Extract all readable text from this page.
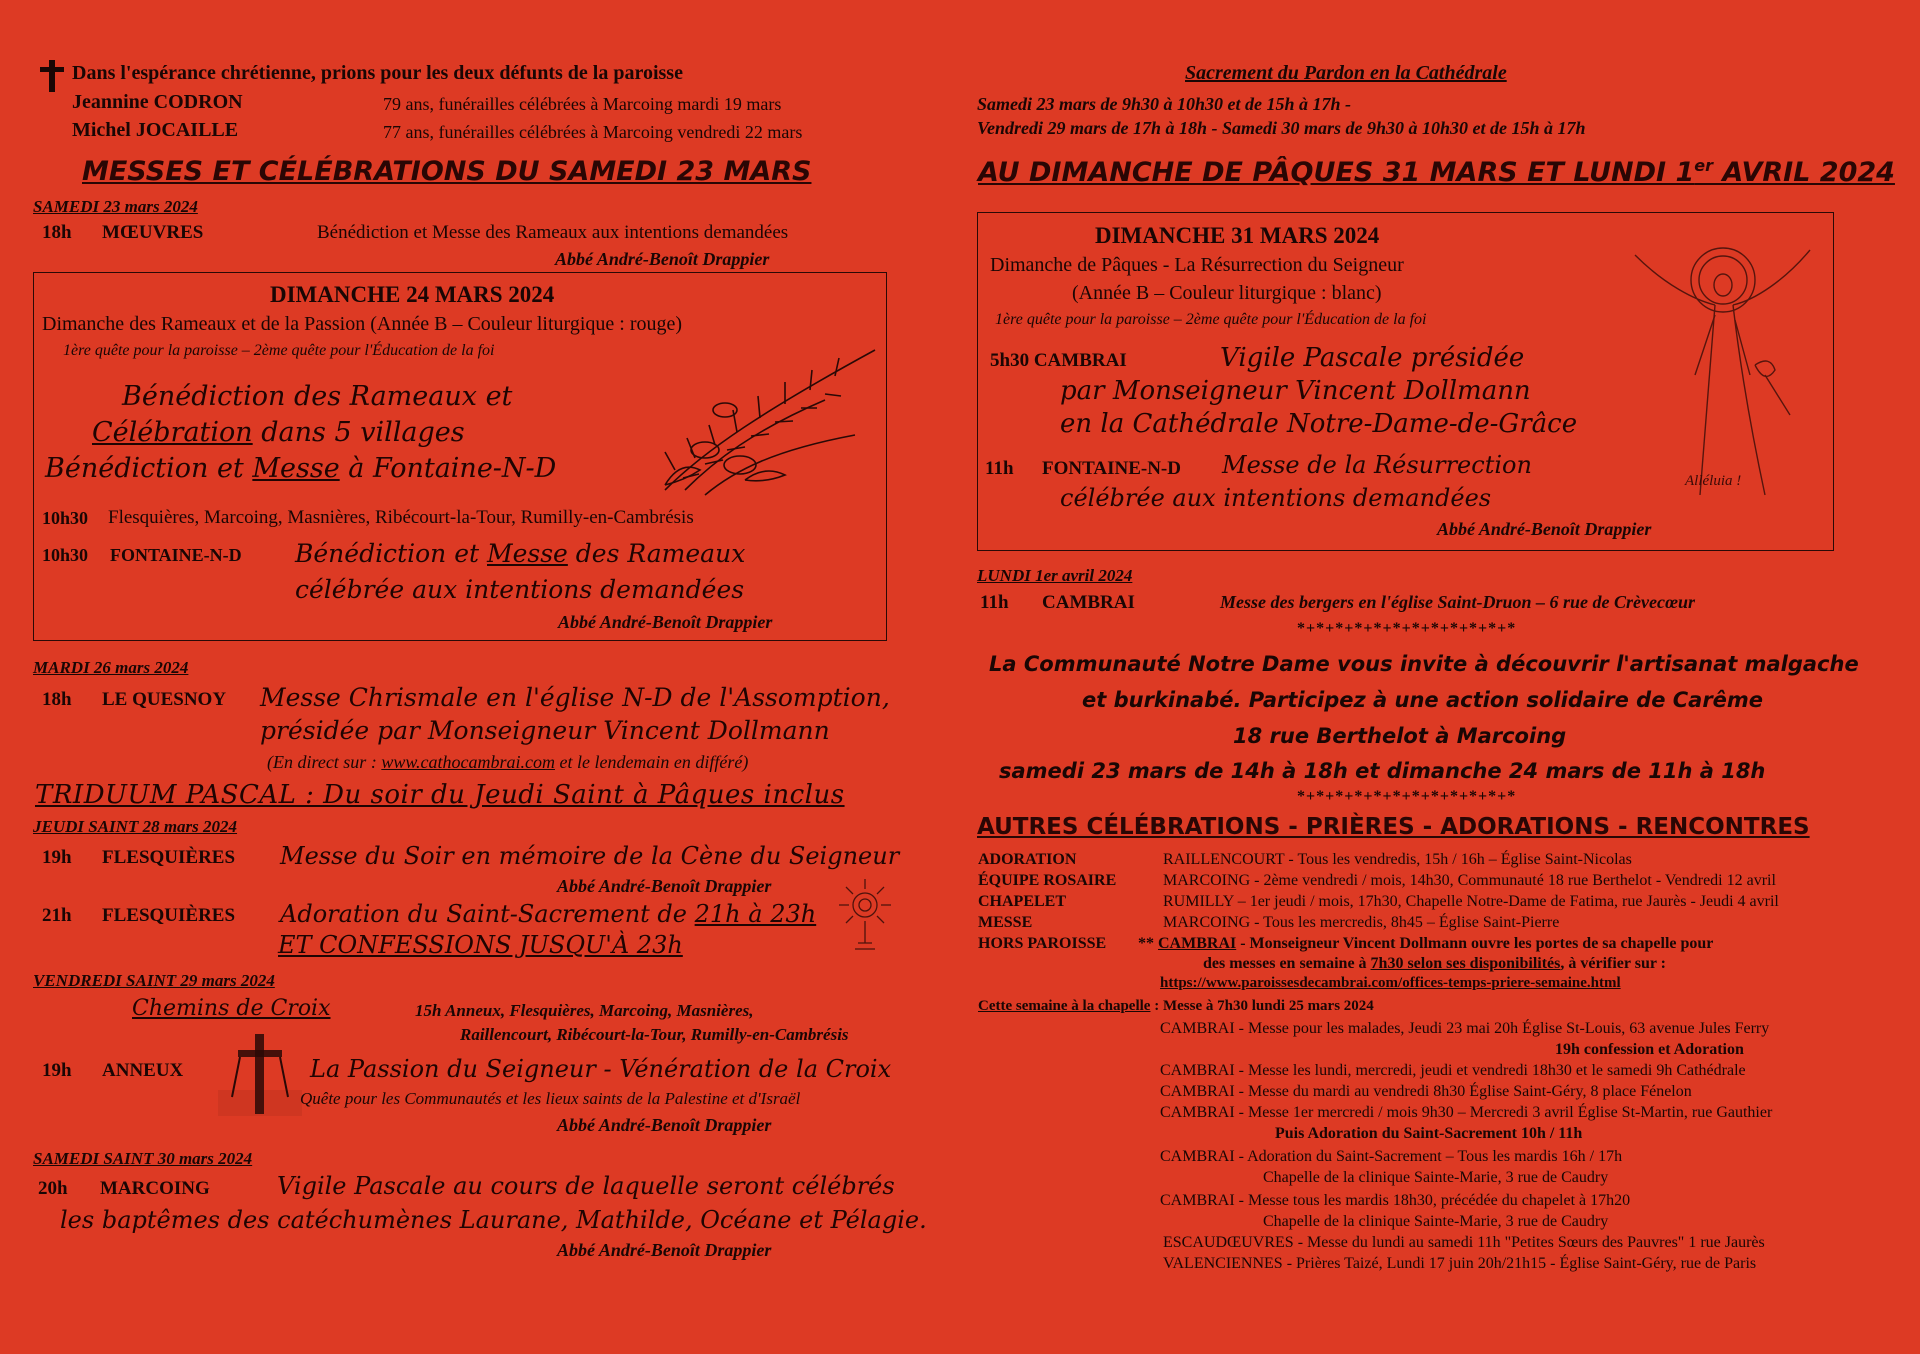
Dans l'espérance chrétienne, prions pour les deux défunts de la paroisse
Jeannine CODRON	79 ans, funérailles célébrées à Marcoing mardi 19 mars
Michel JOCAILLE	77 ans, funérailles célébrées à Marcoing vendredi 22 mars
MESSES ET CÉLÉBRATIONS DU SAMEDI 23 MARS
SAMEDI 23 mars 2024
18h MŒUVRES	Bénédiction et Messe des Rameaux aux intentions demandées
Abbé André-Benoît Drappier
DIMANCHE 24 MARS 2024
Dimanche des Rameaux et de la Passion (Année B – Couleur liturgique : rouge)
1ère quête pour la paroisse – 2ème quête pour l'Éducation de la foi
Bénédiction des Rameaux et
Célébration dans 5 villages
Bénédiction et Messe à Fontaine-N-D
10h30 Flesquières, Marcoing, Masnières, Ribécourt-la-Tour, Rumilly-en-Cambrésis
10h30 FONTAINE-N-D Bénédiction et Messe des Rameaux
célébrée aux intentions demandées
Abbé André-Benoît Drappier
MARDI 26 mars 2024
18h LE QUESNOY Messe Chrismale en l'église N-D de l'Assomption,
présidée par Monseigneur Vincent Dollmann
(En direct sur : www.cathocambrai.com et le lendemain en différé)
TRIDUUM PASCAL : Du soir du Jeudi Saint à Pâques inclus
JEUDI SAINT 28 mars 2024
19h FLESQUIÈRES Messe du Soir en mémoire de la Cène du Seigneur
Abbé André-Benoît Drappier
21h FLESQUIÈRES Adoration du Saint-Sacrement de 21h à 23h
ET CONFESSIONS JUSQU'À 23h
VENDREDI SAINT 29 mars 2024
Chemins de Croix	15h Anneux, Flesquières, Marcoing, Masnières,
Raillencourt, Ribécourt-la-Tour, Rumilly-en-Cambrésis
19h ANNEUX	La Passion du Seigneur - Vénération de la Croix
Quête pour les Communautés et les lieux saints de la Palestine et d'Israël
Abbé André-Benoît Drappier
SAMEDI SAINT 30 mars 2024
20h MARCOING	Vigile Pascale au cours de laquelle seront célébrés
les baptêmes des catéchumènes Laurane, Mathilde, Océane et Pélagie.
Abbé André-Benoît Drappier
Sacrement du Pardon en la Cathédrale
Samedi 23 mars de 9h30 à 10h30 et de 15h à 17h -
Vendredi 29 mars de 17h à 18h - Samedi 30 mars de 9h30 à 10h30 et de 15h à 17h
AU DIMANCHE DE PÂQUES 31 MARS ET LUNDI 1er AVRIL 2024
DIMANCHE 31 MARS 2024
Dimanche de Pâques - La Résurrection du Seigneur
(Année B – Couleur liturgique : blanc)
1ère quête pour la paroisse – 2ème quête pour l'Éducation de la foi
5h30 CAMBRAI	Vigile Pascale présidée
par Monseigneur Vincent Dollmann
en la Cathédrale Notre-Dame-de-Grâce
11h FONTAINE-N-D Messe de la Résurrection
célébrée aux intentions demandées
Abbé André-Benoît Drappier
Alléluia !
LUNDI 1er avril 2024
11h CAMBRAI	Messe des bergers en l'église Saint-Druon – 6 rue de Crèvecœur
*+*+*+*+*+*+*+*+*+*+*+*
La Communauté Notre Dame vous invite à découvrir l'artisanat malgache
et burkinabé. Participez à une action solidaire de Carême
18 rue Berthelot à Marcoing
samedi 23 mars de 14h à 18h et dimanche 24 mars de 11h à 18h
*+*+*+*+*+*+*+*+*+*+*+*
AUTRES CÉLÉBRATIONS - PRIÈRES - ADORATIONS - RENCONTRES
ADORATION	RAILLENCOURT - Tous les vendredis, 15h / 16h – Église Saint-Nicolas
ÉQUIPE ROSAIRE	MARCOING - 2ème vendredi / mois, 14h30, Communauté 18 rue Berthelot - Vendredi 12 avril
CHAPELET	RUMILLY – 1er jeudi / mois, 17h30, Chapelle Notre-Dame de Fatima, rue Jaurès - Jeudi 4 avril
MESSE	MARCOING - Tous les mercredis, 8h45 – Église Saint-Pierre
HORS PAROISSE ** CAMBRAI - Monseigneur Vincent Dollmann ouvre les portes de sa chapelle pour
des messes en semaine à 7h30 selon ses disponibilités, à vérifier sur :
https://www.paroissesdecambrai.com/offices-temps-priere-semaine.html
Cette semaine à la chapelle : Messe à 7h30 lundi 25 mars 2024
CAMBRAI - Messe pour les malades, Jeudi 23 mai 20h Église St-Louis, 63 avenue Jules Ferry
19h confession et Adoration
CAMBRAI - Messe les lundi, mercredi, jeudi et vendredi 18h30 et le samedi 9h Cathédrale
CAMBRAI - Messe du mardi au vendredi 8h30 Église Saint-Géry, 8 place Fénelon
CAMBRAI - Messe 1er mercredi / mois 9h30 – Mercredi 3 avril Église St-Martin, rue Gauthier
Puis Adoration du Saint-Sacrement 10h / 11h
CAMBRAI - Adoration du Saint-Sacrement – Tous les mardis 16h / 17h
Chapelle de la clinique Sainte-Marie, 3 rue de Caudry
CAMBRAI - Messe tous les mardis 18h30, précédée du chapelet à 17h20
Chapelle de la clinique Sainte-Marie, 3 rue de Caudry
ESCAUDŒUVRES - Messe du lundi au samedi 11h "Petites Sœurs des Pauvres" 1 rue Jaurès
VALENCIENNES - Prières Taizé, Lundi 17 juin 20h/21h15 - Église Saint-Géry, rue de Paris
